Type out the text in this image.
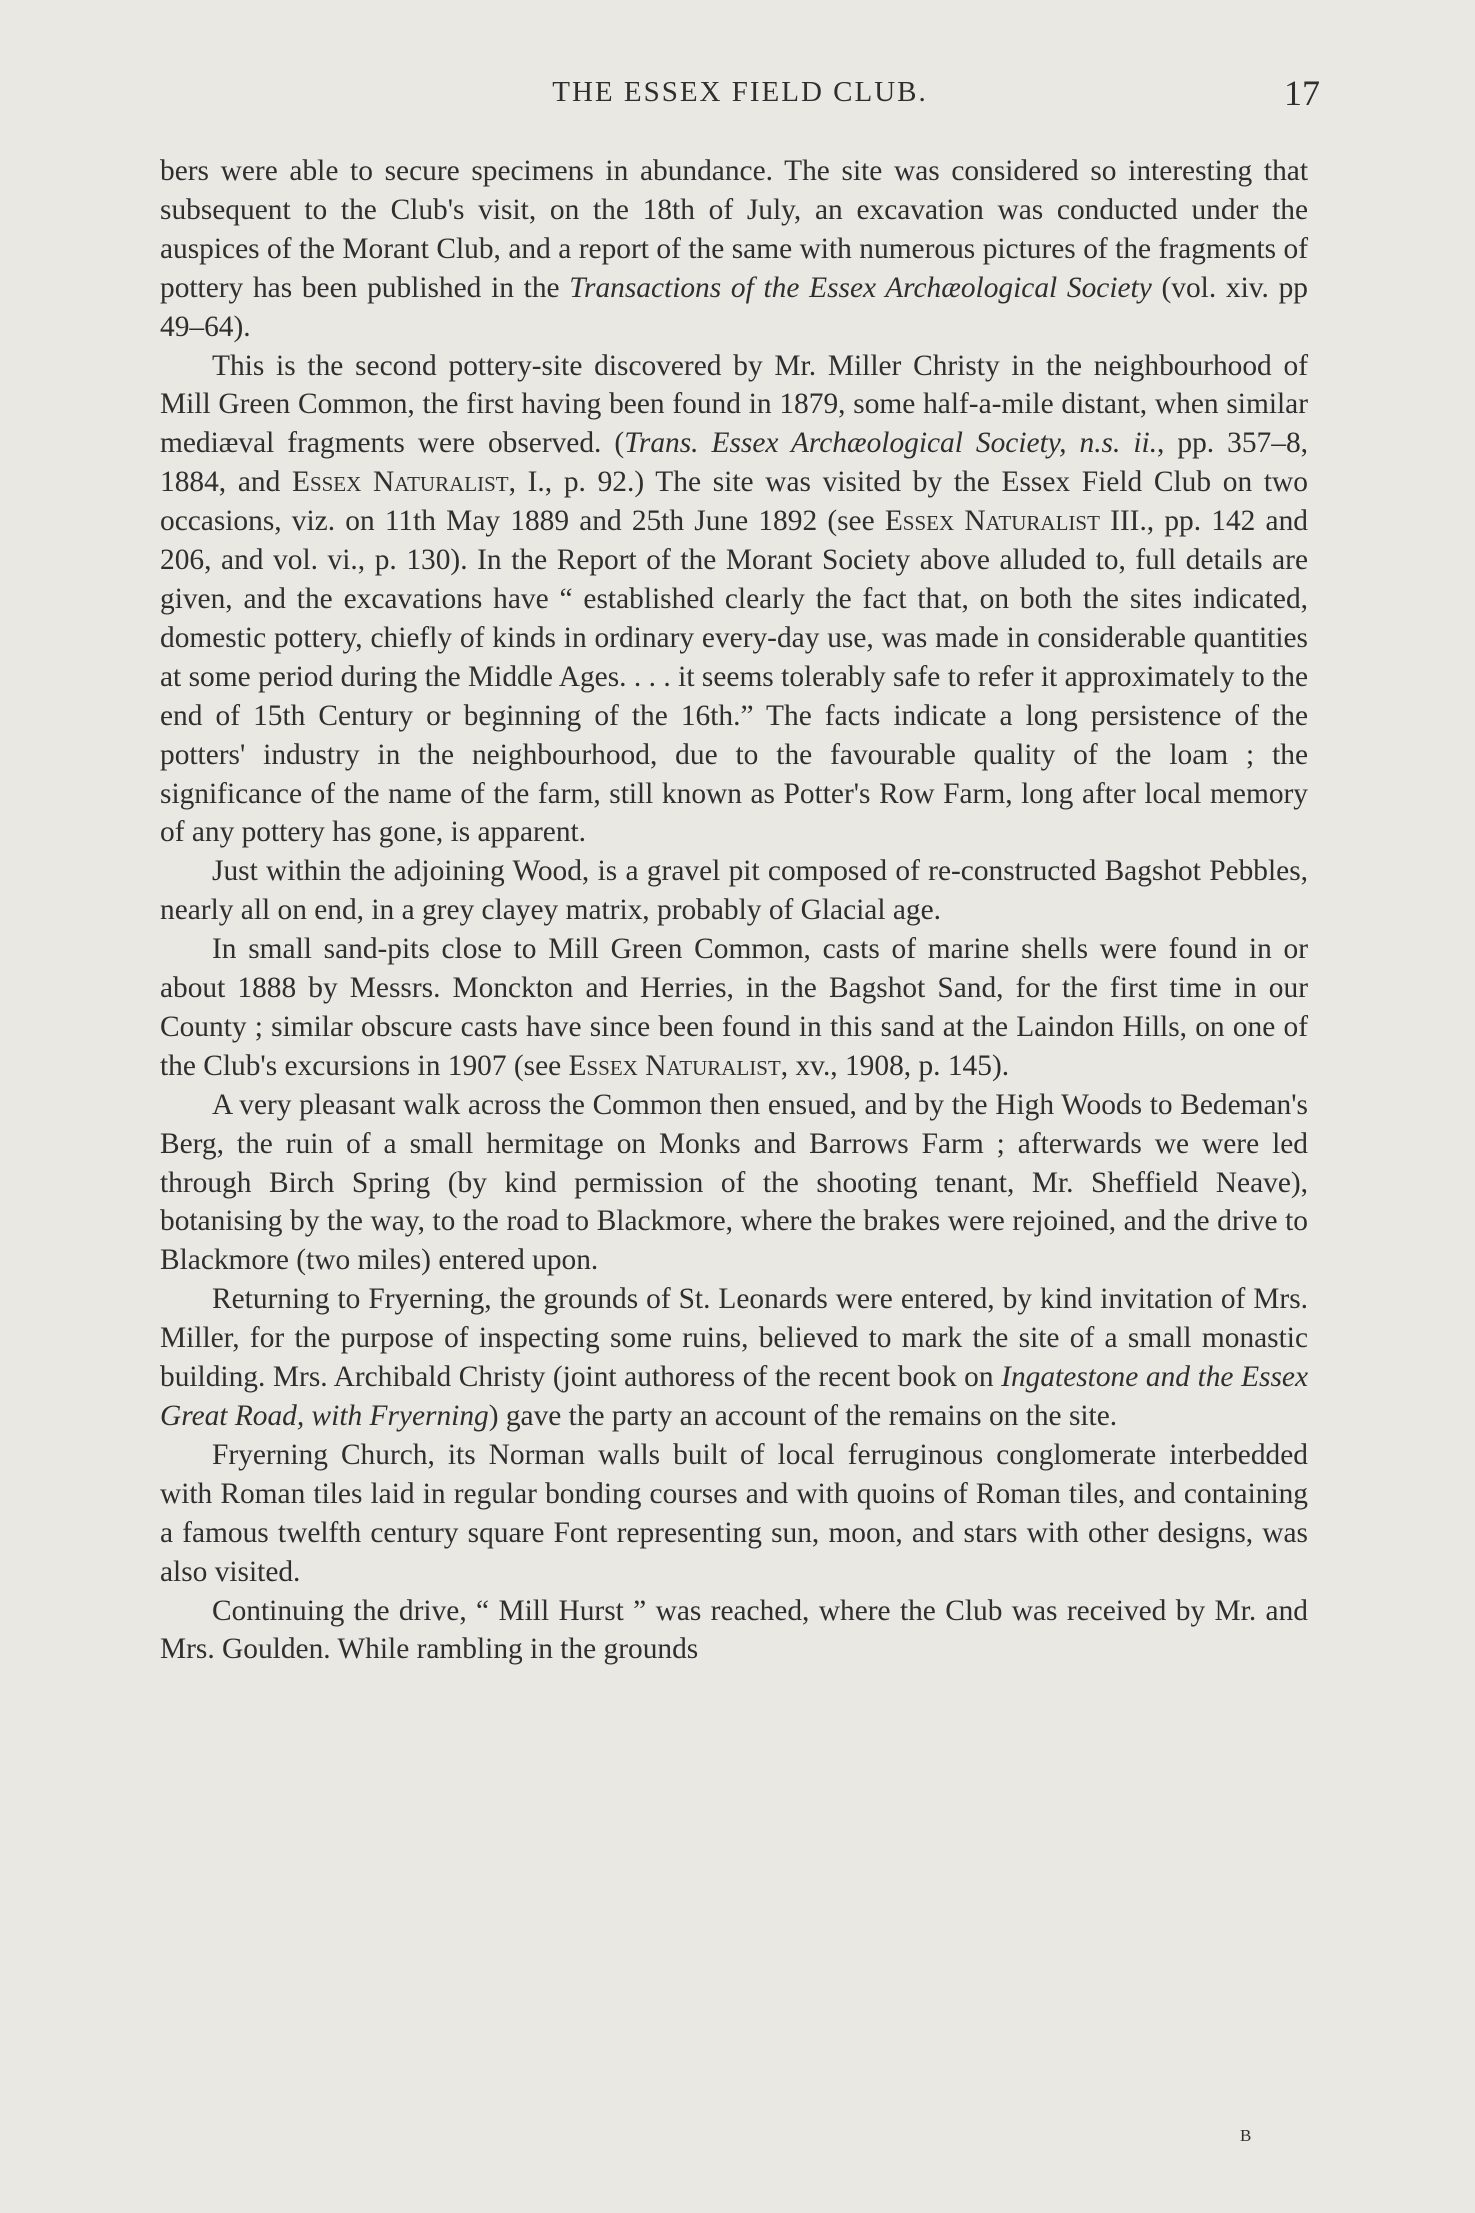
THE ESSEX FIELD CLUB.	17

bers were able to secure specimens in abundance. The site was considered so interesting that subsequent to the Club's visit, on the 18th of July, an excavation was conducted under the auspices of the Morant Club, and a report of the same with numerous pictures of the fragments of pottery has been published in the Transactions of the Essex Archæological Society (vol. xiv. pp 49–64).

This is the second pottery-site discovered by Mr. Miller Christy in the neighbourhood of Mill Green Common, the first having been found in 1879, some half-a-mile distant, when similar mediæval fragments were observed. (Trans. Essex Archæological Society, n.s. ii., pp. 357–8, 1884, and Essex Naturalist, I., p. 92.) The site was visited by the Essex Field Club on two occasions, viz. on 11th May 1889 and 25th June 1892 (see Essex Naturalist III., pp. 142 and 206, and vol. vi., p. 130). In the Report of the Morant Society above alluded to, full details are given, and the excavations have “ established clearly the fact that, on both the sites indicated, domestic pottery, chiefly of kinds in ordinary every-day use, was made in considerable quantities at some period during the Middle Ages. . . . it seems tolerably safe to refer it approximately to the end of 15th Century or beginning of the 16th.” The facts indicate a long persistence of the potters' industry in the neighbourhood, due to the favourable quality of the loam ; the significance of the name of the farm, still known as Potter's Row Farm, long after local memory of any pottery has gone, is apparent.

Just within the adjoining Wood, is a gravel pit composed of re-constructed Bagshot Pebbles, nearly all on end, in a grey clayey matrix, probably of Glacial age.

In small sand-pits close to Mill Green Common, casts of marine shells were found in or about 1888 by Messrs. Monckton and Herries, in the Bagshot Sand, for the first time in our County ; similar obscure casts have since been found in this sand at the Laindon Hills, on one of the Club's excursions in 1907 (see Essex Naturalist, xv., 1908, p. 145).

A very pleasant walk across the Common then ensued, and by the High Woods to Bedeman's Berg, the ruin of a small hermitage on Monks and Barrows Farm ; afterwards we were led through Birch Spring (by kind permission of the shooting tenant, Mr. Sheffield Neave), botanising by the way, to the road to Blackmore, where the brakes were rejoined, and the drive to Blackmore (two miles) entered upon.

Returning to Fryerning, the grounds of St. Leonards were entered, by kind invitation of Mrs. Miller, for the purpose of inspecting some ruins, believed to mark the site of a small monastic building. Mrs. Archibald Christy (joint authoress of the recent book on Ingatestone and the Essex Great Road, with Fryerning) gave the party an account of the remains on the site.

Fryerning Church, its Norman walls built of local ferruginous conglomerate interbedded with Roman tiles laid in regular bonding courses and with quoins of Roman tiles, and containing a famous twelfth century square Font representing sun, moon, and stars with other designs, was also visited.

Continuing the drive, “ Mill Hurst ” was reached, where the Club was received by Mr. and Mrs. Goulden. While rambling in the grounds

B
